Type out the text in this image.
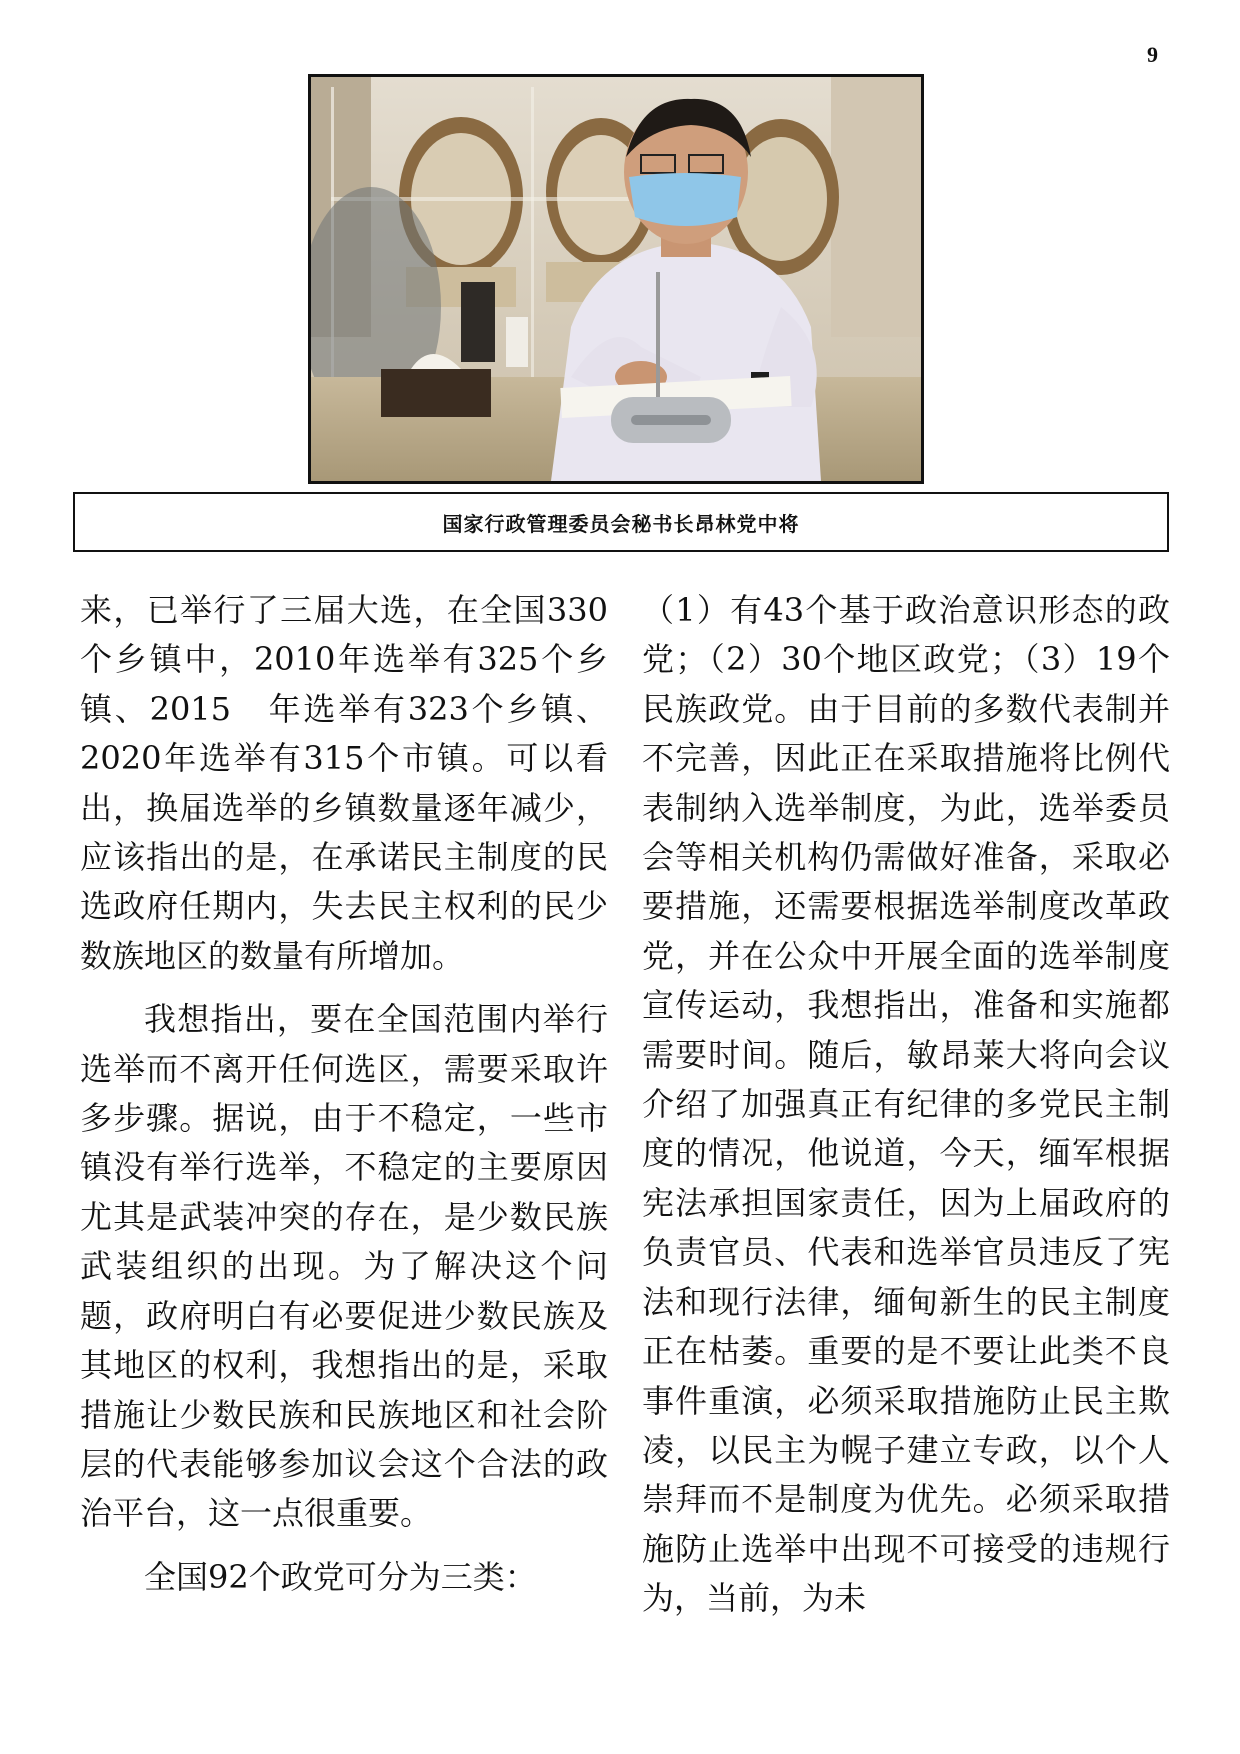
9
国家行政管理委员会秘书长昂林党中将

来，已举行了三届大选，在全国330个乡镇中，2010年选举有325个乡镇、2015　年选举有323个乡镇、2020年选举有315个市镇。可以看出，换届选举的乡镇数量逐年减少，应该指出的是，在承诺民主制度的民选政府任期内，失去民主权利的民少数族地区的数量有所增加。

我想指出，要在全国范围内举行选举而不离开任何选区，需要采取许多步骤。据说，由于不稳定，一些市镇没有举行选举，不稳定的主要原因尤其是武装冲突的存在，是少数民族武装组织的出现。为了解决这个问题，政府明白有必要促进少数民族及其地区的权利，我想指出的是，采取措施让少数民族和民族地区和社会阶层的代表能够参加议会这个合法的政治平台，这一点很重要。

全国92个政党可分为三类：

（1）有43个基于政治意识形态的政党；（2）30个地区政党；（3）19个民族政党。由于目前的多数代表制并不完善，因此正在采取措施将比例代表制纳入选举制度，为此，选举委员会等相关机构仍需做好准备，采取必要措施，还需要根据选举制度改革政党，并在公众中开展全面的选举制度宣传运动，我想指出，准备和实施都需要时间。随后，敏昂莱大将向会议介绍了加强真正有纪律的多党民主制度的情况，他说道，今天，缅军根据宪法承担国家责任，因为上届政府的负责官员、代表和选举官员违反了宪法和现行法律，缅甸新生的民主制度正在枯萎。重要的是不要让此类不良事件重演，必须采取措施防止民主欺凌，以民主为幌子建立专政，以个人崇拜而不是制度为优先。必须采取措施防止选举中出现不可接受的违规行为，当前，为未
